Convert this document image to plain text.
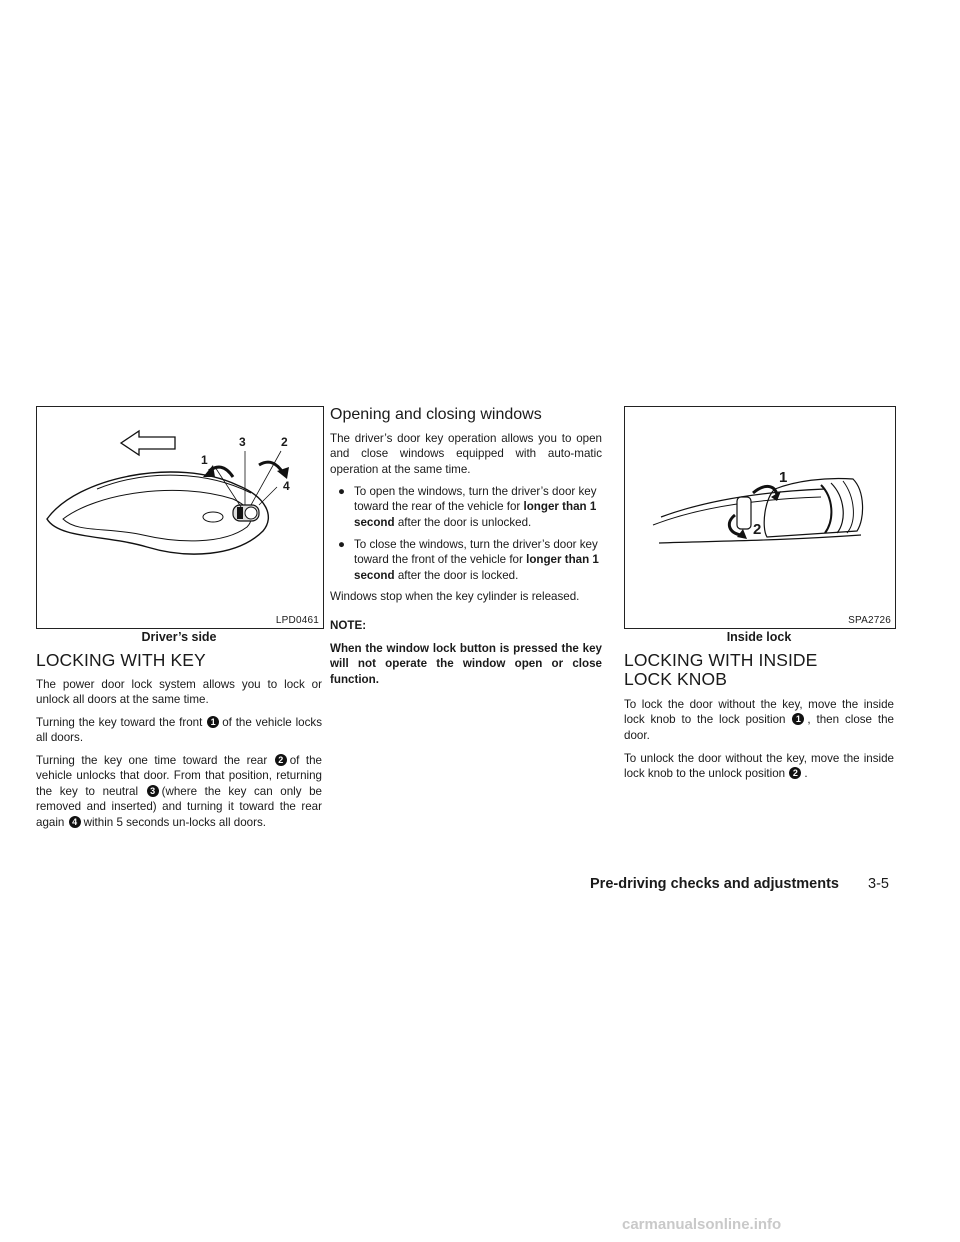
1
3	2
4
LPD0461
Driver’s side
LOCKING WITH KEY

The power door lock system allows you to lock or unlock all doors at the same time.

Turning the key toward the front 1 of the vehicle locks all doors.

Turning the key one time toward the rear 2 of the vehicle unlocks that door. From that position, returning the key to neutral 3 (where the key can only be removed and inserted) and turning it toward the rear again 4 within 5 seconds un-locks all doors.

Opening and closing windows

The driver’s door key operation allows you to open and close windows equipped with auto-matic operation at the same time.

● To open the windows, turn the driver’s door key toward the rear of the vehicle for longer than 1 second after the door is unlocked.
● To close the windows, turn the driver’s door key toward the front of the vehicle for longer than 1 second after the door is locked.

Windows stop when the key cylinder is released.

NOTE:

When the window lock button is pressed the key will not operate the window open or close function.

1
2
SPA2726
Inside lock
LOCKING WITH INSIDE LOCK KNOB

To lock the door without the key, move the inside lock knob to the lock position 1 , then close the door.

To unlock the door without the key, move the inside lock knob to the unlock position 2 .

Pre-driving checks and adjustments 3-5
carmanualsonline.info
